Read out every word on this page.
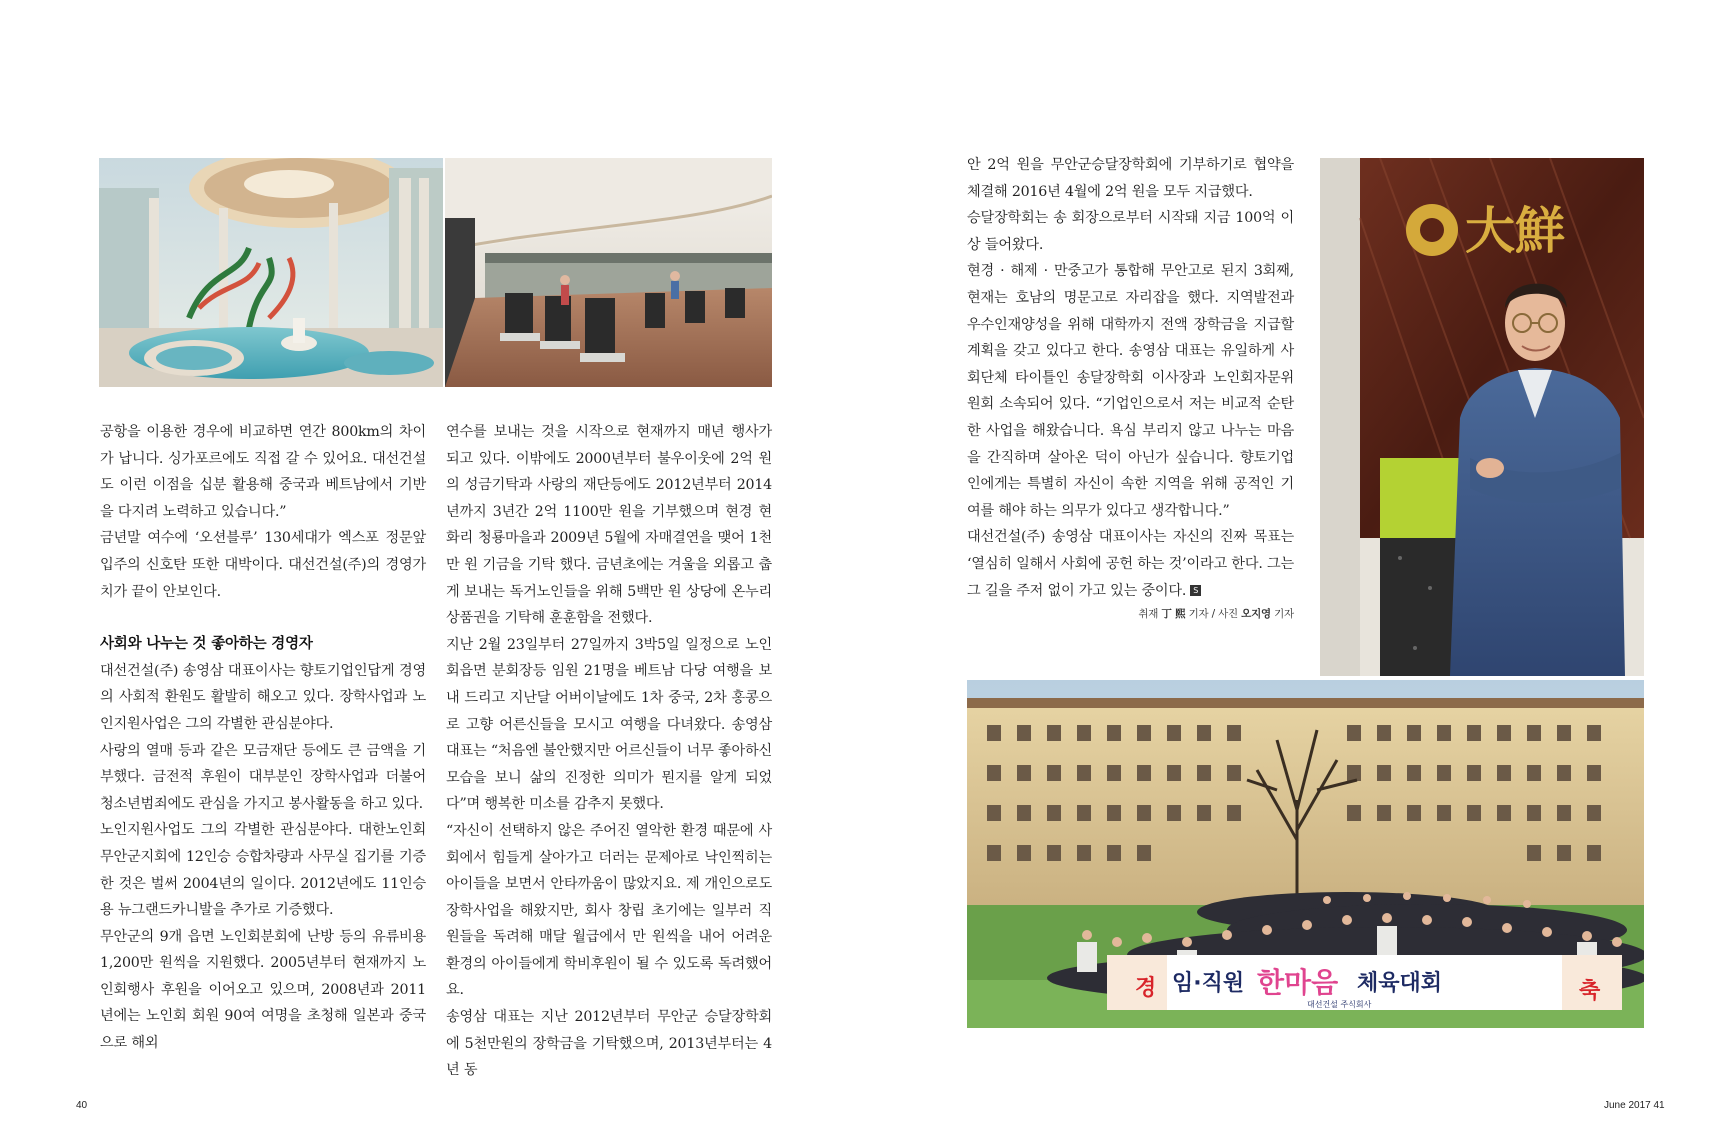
공항을 이용한 경우에 비교하면 연간 800km의 차이가 납니다. 싱가포르에도 직접 갈 수 있어요. 대선건설도 이런 이점을 십분 활용해 중국과 베트남에서 기반을 다지려 노력하고 있습니다.”

금년말 여수에 ‘오션블루’ 130세대가 엑스포 정문앞 입주의 신호탄 또한 대박이다. 대선건설(주)의 경영가치가 끝이 안보인다.

사회와 나누는 것 좋아하는 경영자

대선건설(주) 송영삼 대표이사는 향토기업인답게 경영의 사회적 환원도 활발히 해오고 있다. 장학사업과 노인지원사업은 그의 각별한 관심분야다.

사랑의 열매 등과 같은 모금재단 등에도 큰 금액을 기부했다. 금전적 후원이 대부분인 장학사업과 더불어 청소년범죄에도 관심을 가지고 봉사활동을 하고 있다.

노인지원사업도 그의 각별한 관심분야다. 대한노인회 무안군지회에 12인승 승합차량과 사무실 집기를 기증한 것은 벌써 2004년의 일이다. 2012년에도 11인승용 뉴그랜드카니발을 추가로 기증했다.

무안군의 9개 읍면 노인회분회에 난방 등의 유류비용 1,200만 원씩을 지원했다. 2005년부터 현재까지 노인회행사 후원을 이어오고 있으며, 2008년과 2011년에는 노인회 회원 90여 여명을 초청해 일본과 중국으로 해외

연수를 보내는 것을 시작으로 현재까지 매년 행사가 되고 있다. 이밖에도 2000년부터 불우이웃에 2억 원의 성금기탁과 사랑의 재단등에도 2012년부터 2014년까지 3년간 2억 1100만 원을 기부했으며 현경 현화리 청룡마을과 2009년 5월에 자매결연을 맺어 1천만 원 기금을 기탁 했다. 금년초에는 겨울을 외롭고 춥게 보내는 독거노인들을 위해 5백만 원 상당에 온누리상품권을 기탁해 훈훈함을 전했다.

지난 2월 23일부터 27일까지 3박5일 일정으로 노인회읍면 분회장등 임원 21명을 베트남 다당 여행을 보내 드리고 지난달 어버이날에도 1차 중국, 2차 홍콩으로 고향 어른신들을 모시고 여행을 다녀왔다. 송영삼 대표는 “처음엔 불안했지만 어르신들이 너무 좋아하신 모습을 보니 삶의 진정한 의미가 뭔지를 알게 되었다”며 행복한 미소를 감추지 못했다.

“자신이 선택하지 않은 주어진 열악한 환경 때문에 사회에서 힘들게 살아가고 더러는 문제아로 낙인찍히는 아이들을 보면서 안타까움이 많았지요. 제 개인으로도 장학사업을 해왔지만, 회사 창립 초기에는 일부러 직원들을 독려해 매달 월급에서 만 원씩을 내어 어려운 환경의 아이들에게 학비후원이 될 수 있도록 독려했어요.

송영삼 대표는 지난 2012년부터 무안군 승달장학회에 5천만원의 장학금을 기탁했으며, 2013년부터는 4년 동

안 2억 원을 무안군승달장학회에 기부하기로 협약을 체결해 2016년 4월에 2억 원을 모두 지급했다.

승달장학회는 송 회장으로부터 시작돼 지금 100억 이상 들어왔다.

현경 · 해제 · 만중고가 통합해 무안고로 된지 3회째, 현재는 호남의 명문고로 자리잡을 했다. 지역발전과 우수인재양성을 위해 대학까지 전액 장학금을 지급할 계획을 갖고 있다고 한다. 송영삼 대표는 유일하게 사회단체 타이틀인 송달장학회 이사장과 노인회자문위원회 소속되어 있다. “기업인으로서 저는 비교적 순탄한 사업을 해왔습니다. 욕심 부리지 않고 나누는 마음을 간직하며 살아온 덕이 아닌가 싶습니다. 향토기업인에게는 특별히 자신이 속한 지역을 위해 공적인 기여를 해야 하는 의무가 있다고 생각합니다.”

대선건설(주) 송영삼 대표이사는 자신의 진짜 목표는 ‘열심히 일해서 사회에 공헌 하는 것’이라고 한다. 그는 그 길을 주저 없이 가고 있는 중이다. S

취재 丁 熙 기자 / 사진 오지영 기자
大鮮
경 임·직원 한마음 체육대회	축
대선건설 주식회사
40	June 2017 41
